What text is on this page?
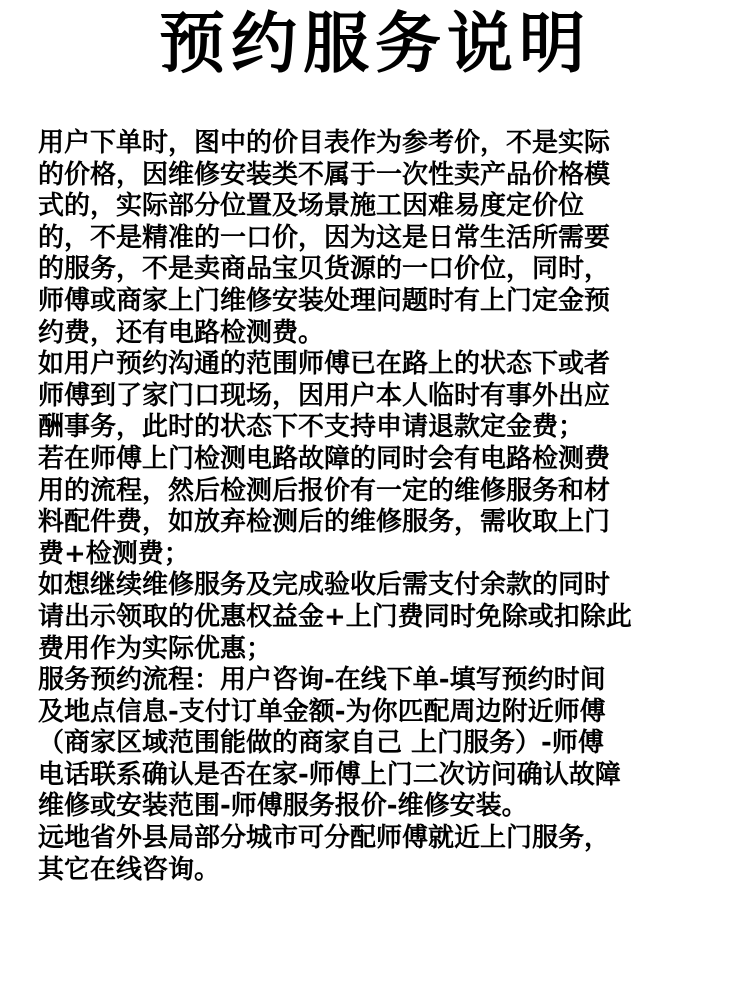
预约服务说明
用户下单时，图中的价目表作为参考价，不是实际
的价格，因维修安装类不属于一次性卖产品价格模
式的，实际部分位置及场景施工因难易度定价位
的，不是精准的一口价，因为这是日常生活所需要
的服务，不是卖商品宝贝货源的一口价位，同时，
师傅或商家上门维修安装处理问题时有上门定金预
约费，还有电路检测费。
如用户预约沟通的范围师傅已在路上的状态下或者
师傅到了家门口现场，因用户本人临时有事外出应
酬事务，此时的状态下不支持申请退款定金费；
若在师傅上门检测电路故障的同时会有电路检测费
用的流程，然后检测后报价有一定的维修服务和材
料配件费，如放弃检测后的维修服务，需收取上门
费+检测费；
如想继续维修服务及完成验收后需支付余款的同时
请出示领取的优惠权益金+上门费同时免除或扣除此
费用作为实际优惠；
服务预约流程：用户咨询-在线下单-填写预约时间
及地点信息-支付订单金额-为你匹配周边附近师傅
（商家区域范围能做的商家自己 上门服务）-师傅
电话联系确认是否在家-师傅上门二次访问确认故障
维修或安装范围-师傅服务报价-维修安装。
远地省外县局部分城市可分配师傅就近上门服务，
其它在线咨询。
